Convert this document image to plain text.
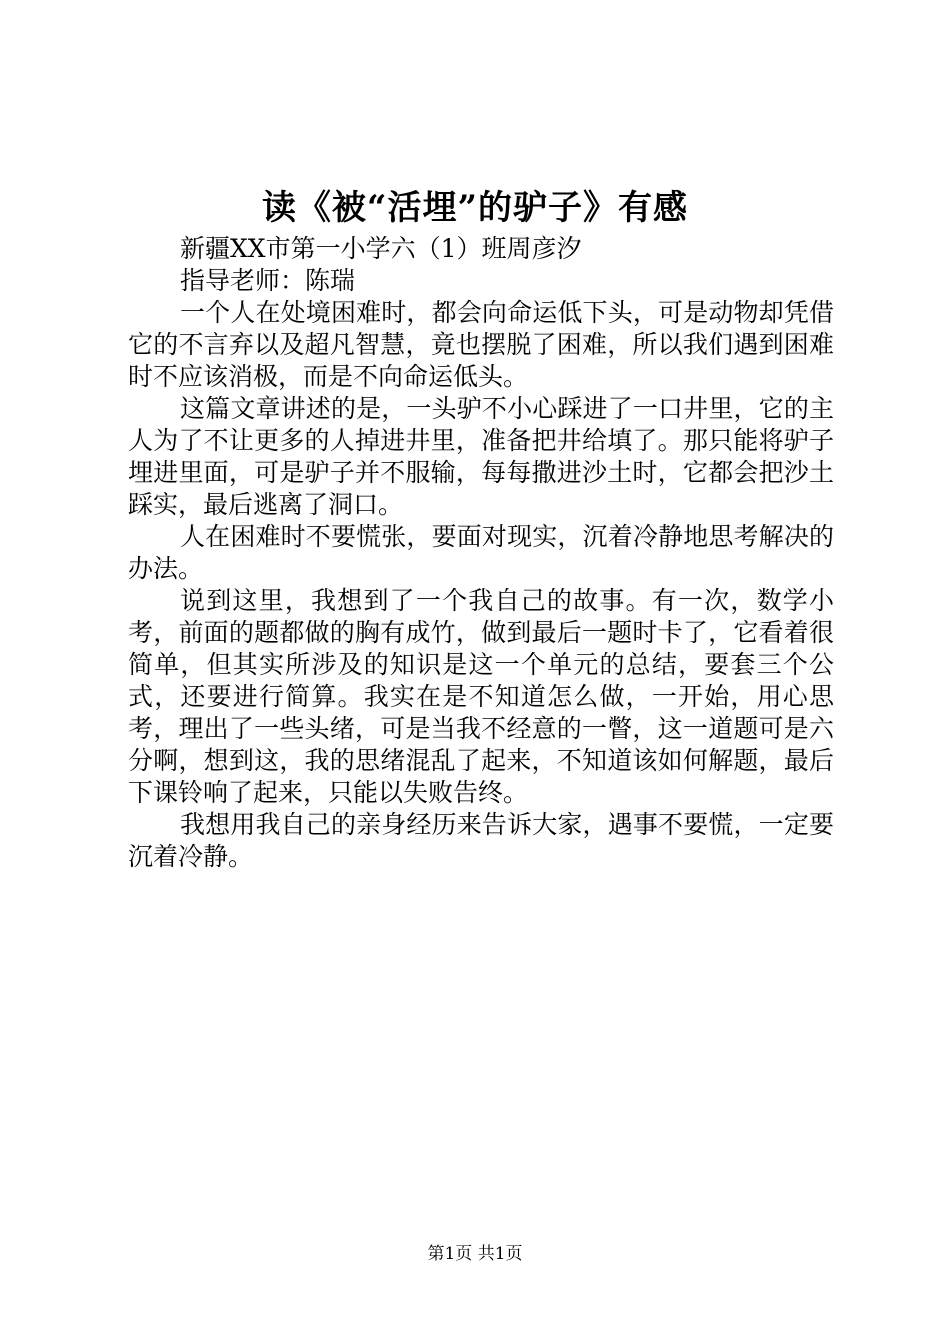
读《被“活埋”的驴子》有感

新疆XX市第一小学六（1）班周彦汐

指导老师：陈瑞

一个人在处境困难时，都会向命运低下头，可是动物却凭借它的不言弃以及超凡智慧，竟也摆脱了困难，所以我们遇到困难时不应该消极，而是不向命运低头。

这篇文章讲述的是，一头驴不小心踩进了一口井里，它的主人为了不让更多的人掉进井里，准备把井给填了。那只能将驴子埋进里面，可是驴子并不服输，每每撒进沙土时，它都会把沙土踩实，最后逃离了洞口。

人在困难时不要慌张，要面对现实，沉着冷静地思考解决的办法。

说到这里，我想到了一个我自己的故事。有一次，数学小考，前面的题都做的胸有成竹，做到最后一题时卡了，它看着很简单，但其实所涉及的知识是这一个单元的总结，要套三个公式，还要进行简算。我实在是不知道怎么做，一开始，用心思考，理出了一些头绪，可是当我不经意的一瞥，这一道题可是六分啊，想到这，我的思绪混乱了起来，不知道该如何解题，最后下课铃响了起来，只能以失败告终。

我想用我自己的亲身经历来告诉大家，遇事不要慌，一定要沉着冷静。

第1页 共1页
